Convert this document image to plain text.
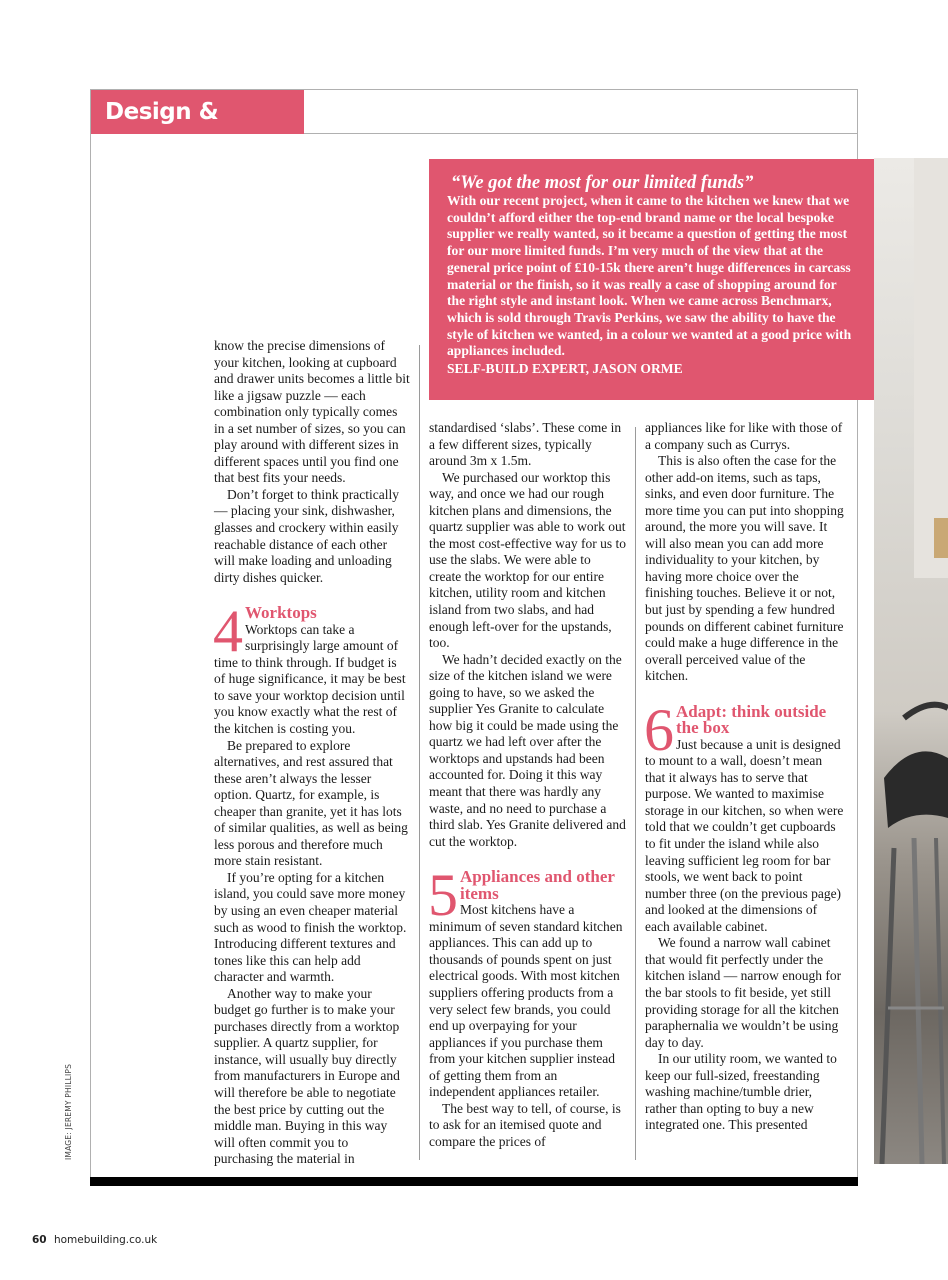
Design & Materials
“We got the most for our limited funds”
With our recent project, when it came to the kitchen we knew that we couldn’t afford either the top-end brand name or the local bespoke supplier we really wanted, so it became a question of getting the most for our more limited funds. I’m very much of the view that at the general price point of £10-15k there aren’t huge differences in carcass material or the finish, so it was really a case of shopping around for the right style and instant look. When we came across Benchmarx, which is sold through Travis Perkins, we saw the ability to have the style of kitchen we wanted, in a colour we wanted at a good price with appliances included.
SELF-BUILD EXPERT, JASON ORME

know the precise dimensions of your kitchen, looking at cupboard and drawer units becomes a little bit like a jigsaw puzzle — each combination only typically comes in a set number of sizes, so you can play around with different sizes in different spaces until you find one that best fits your needs.

Don’t forget to think practically — placing your sink, dishwasher, glasses and crockery within easily reachable distance of each other will make loading and unloading dirty dishes quicker.

4 Worktops

Worktops can take a surprisingly large amount of time to think through. If budget is of huge significance, it may be best to save your worktop decision until you know exactly what the rest of the kitchen is costing you.

Be prepared to explore alternatives, and rest assured that these aren’t always the lesser option. Quartz, for example, is cheaper than granite, yet it has lots of similar qualities, as well as being less porous and therefore much more stain resistant.

If you’re opting for a kitchen island, you could save more money by using an even cheaper material such as wood to finish the worktop. Introducing different textures and tones like this can help add character and warmth.

Another way to make your budget go further is to make your purchases directly from a worktop supplier. A quartz supplier, for instance, will usually buy directly from manufacturers in Europe and will therefore be able to negotiate the best price by cutting out the middle man. Buying in this way will often commit you to purchasing the material in

standardised ‘slabs’. These come in a few different sizes, typically around 3m x 1.5m.

We purchased our worktop this way, and once we had our rough kitchen plans and dimensions, the quartz supplier was able to work out the most cost-effective way for us to use the slabs. We were able to create the worktop for our entire kitchen, utility room and kitchen island from two slabs, and had enough left-over for the upstands, too.

We hadn’t decided exactly on the size of the kitchen island we were going to have, so we asked the supplier Yes Granite to calculate how big it could be made using the quartz we had left over after the worktops and upstands had been accounted for. Doing it this way meant that there was hardly any waste, and no need to purchase a third slab. Yes Granite delivered and cut the worktop.

5 Appliances and other items

Most kitchens have a minimum of seven standard kitchen appliances. This can add up to thousands of pounds spent on just electrical goods. With most kitchen suppliers offering products from a very select few brands, you could end up overpaying for your appliances if you purchase them from your kitchen supplier instead of getting them from an independent appliances retailer.

The best way to tell, of course, is to ask for an itemised quote and compare the prices of

appliances like for like with those of a company such as Currys.

This is also often the case for the other add-on items, such as taps, sinks, and even door furniture. The more time you can put into shopping around, the more you will save. It will also mean you can add more individuality to your kitchen, by having more choice over the finishing touches. Believe it or not, but just by spending a few hundred pounds on different cabinet furniture could make a huge difference in the overall perceived value of the kitchen.

6 Adapt: think outside the box

Just because a unit is designed to mount to a wall, doesn’t mean that it always has to serve that purpose. We wanted to maximise storage in our kitchen, so when were told that we couldn’t get cupboards to fit under the island while also leaving sufficient leg room for bar stools, we went back to point number three (on the previous page) and looked at the dimensions of each available cabinet.

We found a narrow wall cabinet that would fit perfectly under the kitchen island — narrow enough for the bar stools to fit beside, yet still providing storage for all the kitchen paraphernalia we wouldn’t be using day to day.

In our utility room, we wanted to keep our full-sized, freestanding washing machine/tumble drier, rather than opting to buy a new integrated one. This presented

IMAGE: JEREMY PHILLIPS
60 homebuilding.co.uk
